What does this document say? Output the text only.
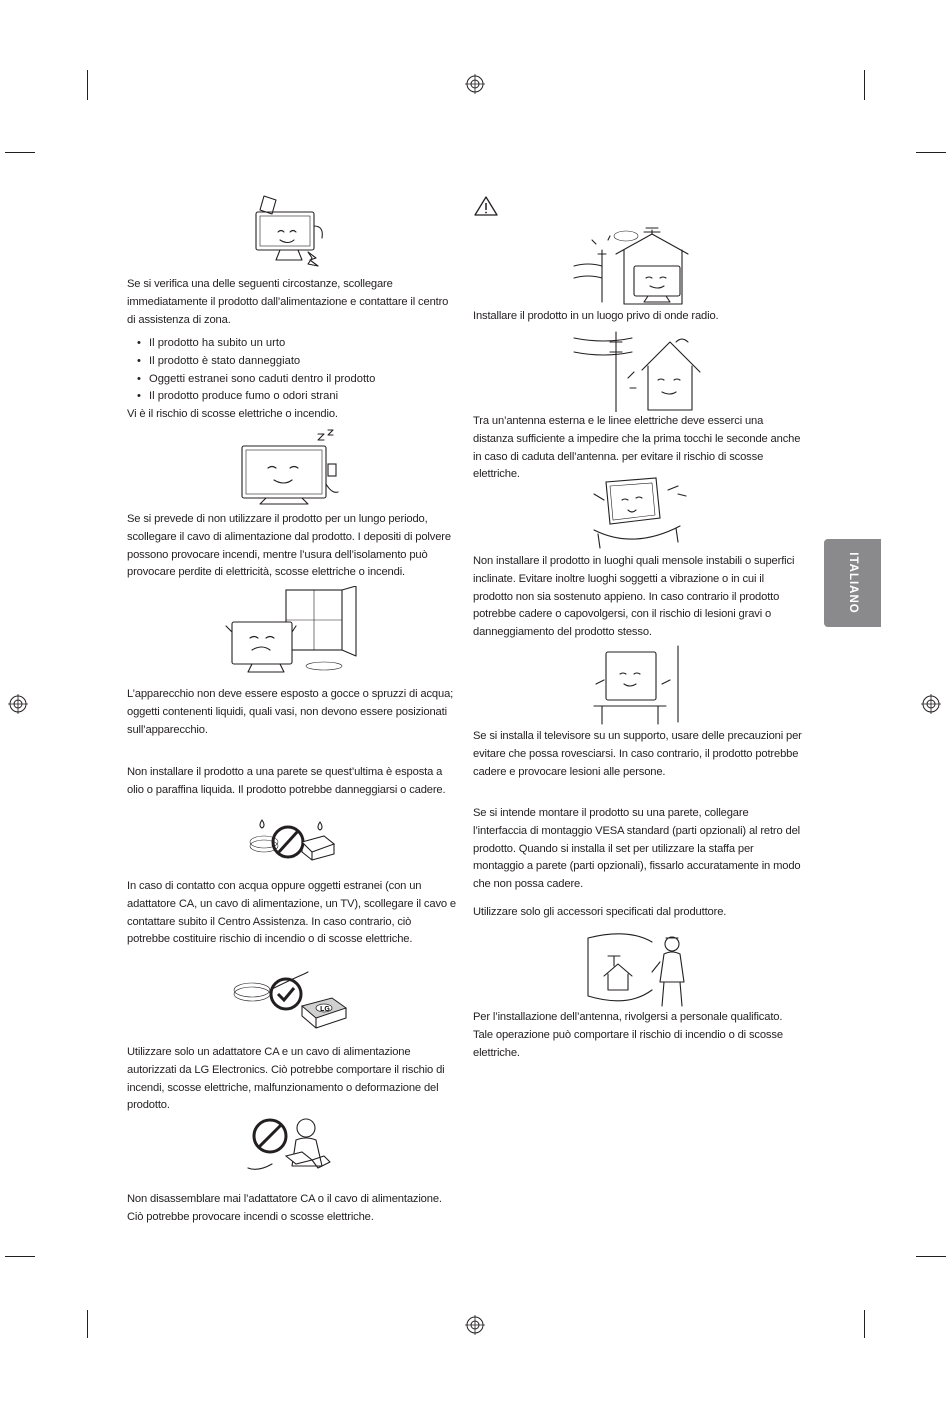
ITALIANO

Se si verifica una delle seguenti circostanze, scollegare immediatamente il prodotto dall’alimentazione e contattare il centro di assistenza di zona.

• Il prodotto ha subito un urto
• Il prodotto è stato danneggiato
• Oggetti estranei sono caduti dentro il prodotto
• Il prodotto produce fumo o odori strani

Vi è il rischio di scosse elettriche o incendio.

Se si prevede di non utilizzare il prodotto per un lungo periodo, scollegare il cavo di alimentazione dal prodotto. I depositi di polvere possono provocare incendi, mentre l’usura dell’isolamento può provocare perdite di elettricità, scosse elettriche o incendi.

L’apparecchio non deve essere esposto a gocce o spruzzi di acqua; oggetti contenenti liquidi, quali vasi, non devono essere posizionati sull’apparecchio.

Non installare il prodotto a una parete se quest’ultima è esposta a olio o paraffina liquida. Il prodotto potrebbe danneggiarsi o cadere.

In caso di contatto con acqua oppure oggetti estranei (con un adattatore CA, un cavo di alimentazione, un TV), scollegare il cavo e contattare subito il Centro Assistenza. In caso contrario, ciò potrebbe costituire rischio di incendio o di scosse elettriche.

LG

Utilizzare solo un adattatore CA e un cavo di alimentazione autorizzati da LG Electronics. Ciò potrebbe comportare il rischio di incendi, scosse elettriche, malfunzionamento o deformazione del prodotto.

Non disassemblare mai l’adattatore CA o il cavo di alimentazione. Ciò potrebbe provocare incendi o scosse elettriche.

Installare il prodotto in un luogo privo di onde radio.

Tra un’antenna esterna e le linee elettriche deve esserci una distanza sufficiente a impedire che la prima tocchi le seconde anche in caso di caduta dell’antenna. per evitare il rischio di scosse elettriche.

Non installare il prodotto in luoghi quali mensole instabili o superfici inclinate. Evitare inoltre luoghi soggetti a vibrazione o in cui il prodotto non sia sostenuto appieno. In caso contrario il prodotto potrebbe cadere o capovolgersi, con il rischio di lesioni gravi o danneggiamento del prodotto stesso.

Se si installa il televisore su un supporto, usare delle precauzioni per evitare che possa rovesciarsi. In caso contrario, il prodotto potrebbe cadere e provocare lesioni alle persone.

Se si intende montare il prodotto su una parete, collegare l’interfaccia di montaggio VESA standard (parti opzionali) al retro del prodotto. Quando si installa il set per utilizzare la staffa per montaggio a parete (parti opzionali), fissarlo accuratamente in modo che non possa cadere.

Utilizzare solo gli accessori specificati dal produttore.

Per l’installazione dell’antenna, rivolgersi a personale qualificato. Tale operazione può comportare il rischio di incendio o di scosse elettriche.
